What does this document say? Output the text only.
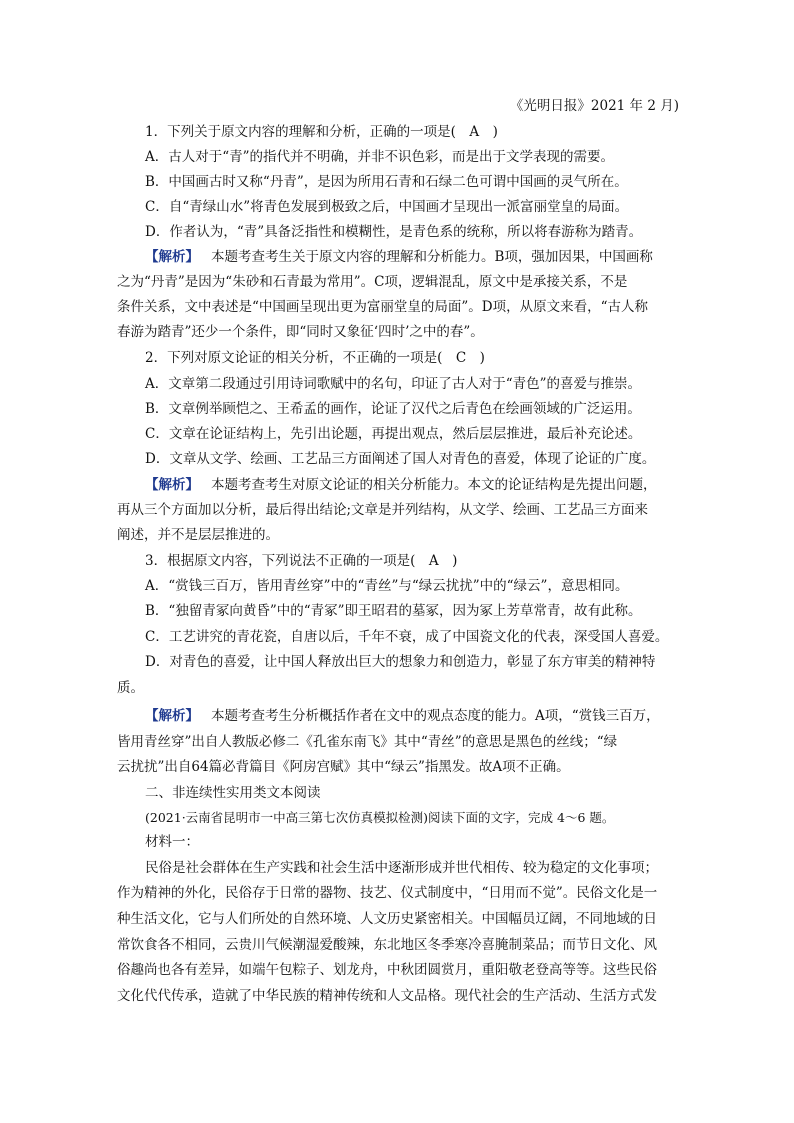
《光明日报》2021 年 2 月)
1．下列关于原文内容的理解和分析，正确的一项是(　A　)
A．古人对于“青”的指代并不明确，并非不识色彩，而是出于文学表现的需要。
B．中国画古时又称“丹青”，是因为所用石青和石绿二色可谓中国画的灵气所在。
C．自“青绿山水”将青色发展到极致之后，中国画才呈现出一派富丽堂皇的局面。
D．作者认为，“青”具备泛指性和模糊性，是青色系的统称，所以将春游称为踏青。
【解析】 本题考查考生关于原文内容的理解和分析能力。B项，强加因果，中国画称
之为“丹青”是因为“朱砂和石青最为常用”。C项，逻辑混乱，原文中是承接关系，不是
条件关系，文中表述是“中国画呈现出更为富丽堂皇的局面”。D项，从原文来看，“古人称
春游为踏青”还少一个条件，即“同时又象征‘四时’之中的春”。
2．下列对原文论证的相关分析，不正确的一项是(　C　)
A．文章第二段通过引用诗词歌赋中的名句，印证了古人对于“青色”的喜爱与推崇。
B．文章例举顾恺之、王希孟的画作，论证了汉代之后青色在绘画领域的广泛运用。
C．文章在论证结构上，先引出论题，再提出观点，然后层层推进，最后补充论述。
D．文章从文学、绘画、工艺品三方面阐述了国人对青色的喜爱，体现了论证的广度。
【解析】 本题考查考生对原文论证的相关分析能力。本文的论证结构是先提出问题，
再从三个方面加以分析，最后得出结论;文章是并列结构，从文学、绘画、工艺品三方面来
阐述，并不是层层推进的。
3．根据原文内容，下列说法不正确的一项是(　A　)
A．“赏钱三百万，皆用青丝穿”中的“青丝”与“绿云扰扰”中的“绿云”，意思相同。
B．“独留青冢向黄昏”中的“青冢”即王昭君的墓冢，因为冢上芳草常青，故有此称。
C．工艺讲究的青花瓷，自唐以后，千年不衰，成了中国瓷文化的代表，深受国人喜爱。
D．对青色的喜爱，让中国人释放出巨大的想象力和创造力，彰显了东方审美的精神特
质。
【解析】 本题考查考生分析概括作者在文中的观点态度的能力。A项，“赏钱三百万，
皆用青丝穿”出自人教版必修二《孔雀东南飞》其中“青丝”的意思是黑色的丝线；“绿
云扰扰”出自64篇必背篇目《阿房宫赋》其中“绿云”指黑发。故A项不正确。
二、非连续性实用类文本阅读
(2021·云南省昆明市一中高三第七次仿真模拟检测)阅读下面的文字，完成 4～6 题。
材料一：
民俗是社会群体在生产实践和社会生活中逐渐形成并世代相传、较为稳定的文化事项；
作为精神的外化，民俗存于日常的器物、技艺、仪式制度中，“日用而不觉”。民俗文化是一
种生活文化，它与人们所处的自然环境、人文历史紧密相关。中国幅员辽阔，不同地域的日
常饮食各不相同，云贵川气候潮湿爱酸辣，东北地区冬季寒冷喜腌制菜品；而节日文化、风
俗趣尚也各有差异，如端午包粽子、划龙舟，中秋团圆赏月，重阳敬老登高等等。这些民俗
文化代代传承，造就了中华民族的精神传统和人文品格。现代社会的生产活动、生活方式发
